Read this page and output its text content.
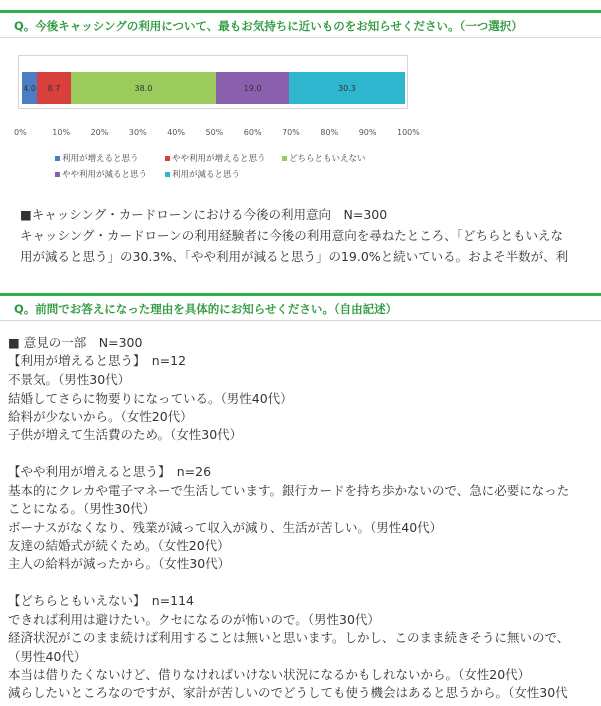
Q。今後キャッシングの利用について、最もお気持ちに近いものをお知らせください。（一つ選択）
4.0 8.7	38.0	19.0	30.3
0%	10%	20%	30%	40%	50%	60%	70%	80%	90%	100%
利用が増えると思う	やや利用が増えると思う	どちらともいえない
やや利用が減ると思う	利用が減ると思う
■キャッシング・カードローンにおける今後の利用意向　N=300
キャッシング・カードローンの利用経験者に今後の利用意向を尋ねたところ、「どちらともいえな
用が減ると思う」の30.3%、「やや利用が減ると思う」の19.0%と続いている。およそ半数が、利
Q。前問でお答えになった理由を具体的にお知らせください。（自由記述）
■ 意見の一部　N=300
【利用が増えると思う】　n=12
不景気。（男性30代）
結婚してさらに物要りになっている。（男性40代）
給料が少ないから。（女性20代）
子供が増えて生活費のため。（女性30代）
【やや利用が増えると思う】　n=26
基本的にクレカや電子マネーで生活しています。銀行カードを持ち歩かないので、急に必要になった
ことになる。（男性30代）
ボーナスがなくなり、残業が減って収入が減り、生活が苦しい。（男性40代）
友達の結婚式が続くため。（女性20代）
主人の給料が減ったから。（女性30代）
【どちらともいえない】　n=114
できれば利用は避けたい。クセになるのが怖いので。（男性30代）
経済状況がこのまま続けば利用することは無いと思います。しかし、このまま続きそうに無いので、
（男性40代）
本当は借りたくないけど、借りなければいけない状況になるかもしれないから。（女性20代）
減らしたいところなのですが、家計が苦しいのでどうしても使う機会はあると思うから。（女性30代
